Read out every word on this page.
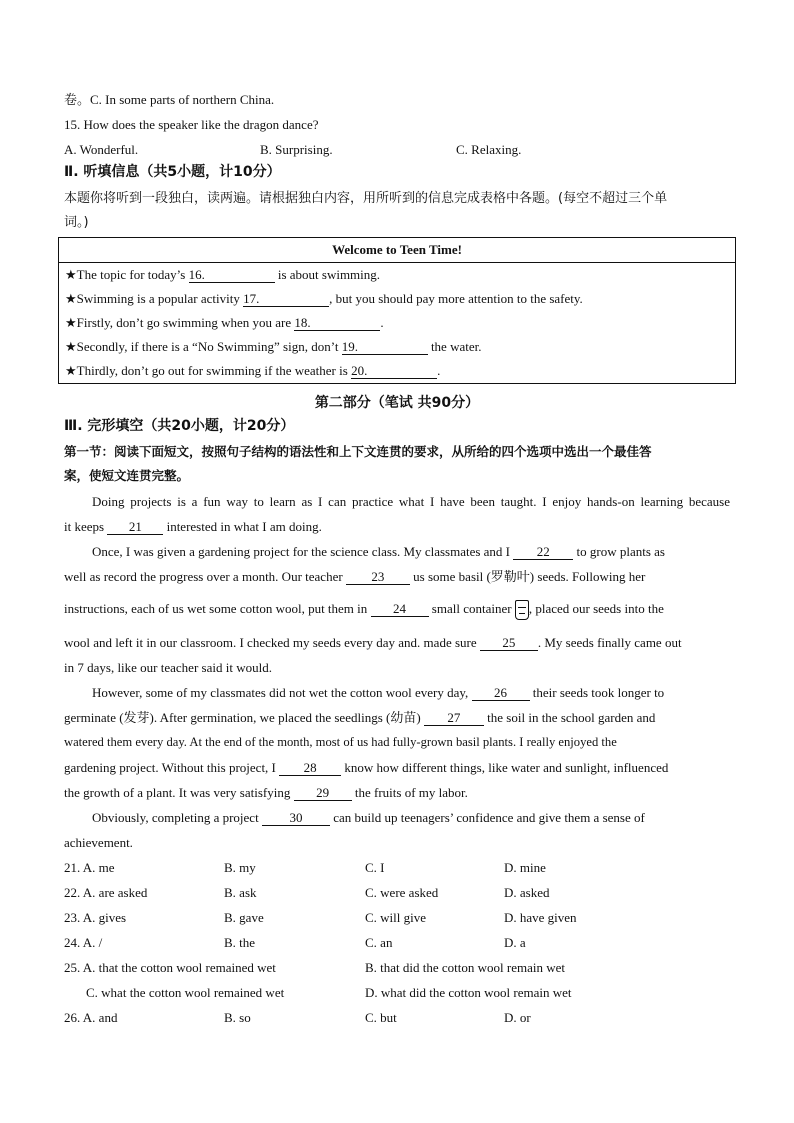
卷。C. In some parts of northern China.
15. How does the speaker like the dragon dance?
A. Wonderful.	B. Surprising.	C. Relaxing.
Ⅱ. 听填信息（共5小题，计10分）
本题你将听到一段独白，读两遍。请根据独白内容，用所听到的信息完成表格中各题。(每空不超过三个单
词。)
Welcome to Teen Time!
★The topic for today’s 16.	is about swimming.
★Swimming is a popular activity 17.	, but you should pay more attention to the safety.
★Firstly, don’t go swimming when you are 18.	.
★Secondly, if there is a “No Swimming” sign, don’t 19.	the water.
★Thirdly, don’t go out for swimming if the weather is 20.	.
第二部分（笔试 共90分）
Ⅲ. 完形填空（共20小题，计20分）
第一节：阅读下面短文，按照句子结构的语法性和上下文连贯的要求，从所给的四个选项中选出一个最佳答
案，使短文连贯完整。
Doing projects is a fun way to learn as I can practice what I have been taught. I enjoy hands-on learning because
it keeps 21 interested in what I am doing.
Once, I was given a gardening project for the science class. My classmates and I 22 to grow plants as
well as record the progress over a month. Our teacher 23 us some basil (罗勒叶) seeds. Following her
instructions, each of us wet some cotton wool, put them in 24 small container , placed our seeds into the
wool and left it in our classroom. I checked my seeds every day and. made sure 25 . My seeds finally came out
in 7 days, like our teacher said it would.
However, some of my classmates did not wet the cotton wool every day, 26 their seeds took longer to
germinate (发芽). After germination, we placed the seedlings (幼苗) 27 the soil in the school garden and
watered them every day. At the end of the month, most of us had fully-grown basil plants. I really enjoyed the
gardening project. Without this project, I 28 know how different things, like water and sunlight, influenced
the growth of a plant. It was very satisfying 29 the fruits of my labor.
Obviously, completing a project 30 can build up teenagers’ confidence and give them a sense of
achievement.
21. A. me	B. my	C. I	D. mine
22. A. are asked	B. ask	C. were asked	D. asked
23. A. gives	B. gave	C. will give	D. have given
24. A. /	B. the	C. an	D. a
25. A. that the cotton wool remained wet	B. that did the cotton wool remain wet
C. what the cotton wool remained wet	D. what did the cotton wool remain wet
26. A. and	B. so	C. but	D. or
